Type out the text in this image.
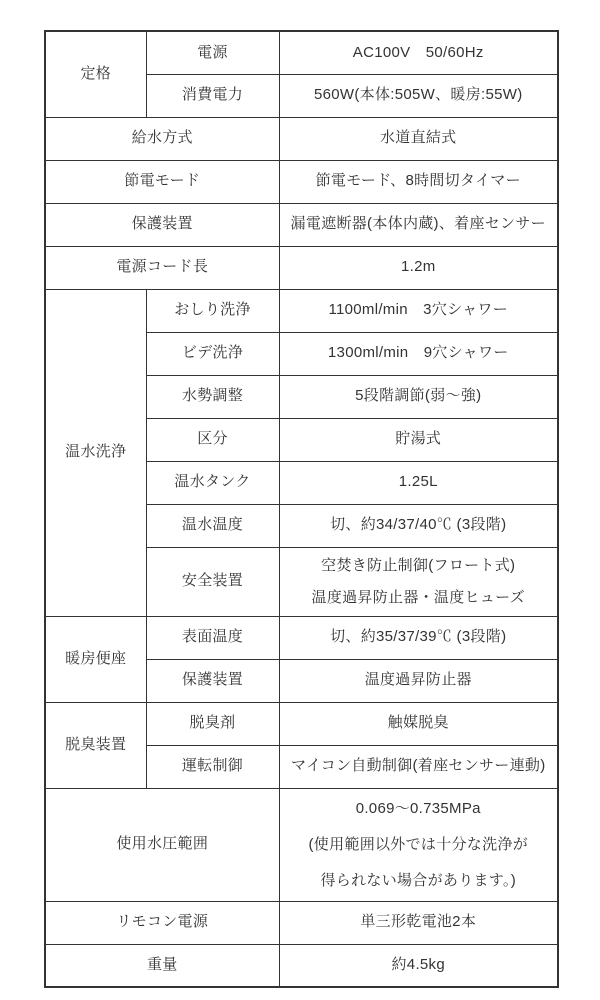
定格	電源	AC100V　50/60Hz
	消費電力	560W(本体:505W、暖房:55W)
給水方式		水道直結式
節電モード		節電モード、8時間切タイマー
保護装置		漏電遮断器(本体内蔵)、着座センサー
電源コード長		1.2m
温水洗浄	おしり洗浄	1100ml/min　3穴シャワー
	ビデ洗浄	1300ml/min　9穴シャワー
	水勢調整	5段階調節(弱～強)
	区分	貯湯式
	温水タンク	1.25L
	温水温度	切、約34/37/40℃ (3段階)
	安全装置	空焚き防止制御(フロート式)
温度過昇防止器・温度ヒューズ

暖房便座	表面温度	切、約35/37/39℃ (3段階)
	保護装置	温度過昇防止器
脱臭装置	脱臭剤	触媒脱臭
	運転制御	マイコン自動制御(着座センサー連動)
使用水圧範囲		0.069～0.735MPa
(使用範囲以外では十分な洗浄が
得られない場合があります。)

リモコン電源		単三形乾電池2本
重量		約4.5kg
